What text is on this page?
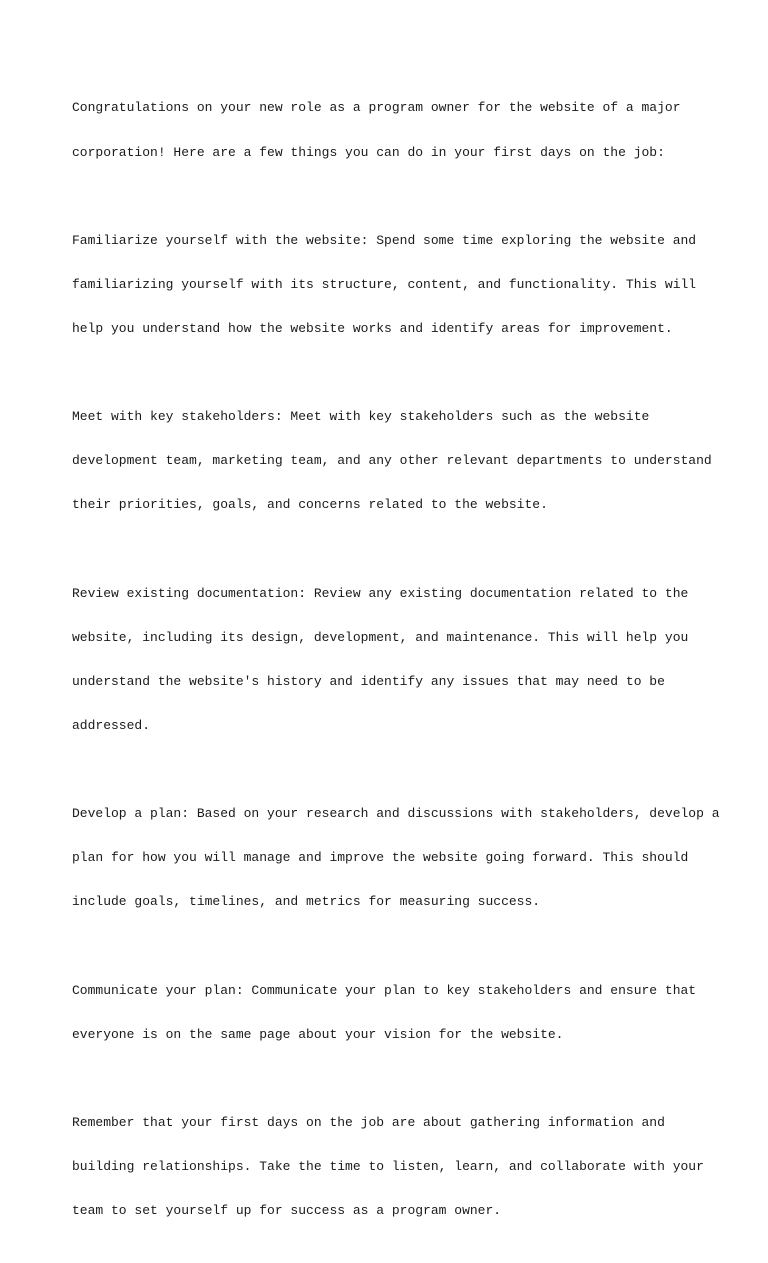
Congratulations on your new role as a program owner for the website of a major

corporation! Here are a few things you can do in your first days on the job:

Familiarize yourself with the website: Spend some time exploring the website and

familiarizing yourself with its structure, content, and functionality. This will

help you understand how the website works and identify areas for improvement.

Meet with key stakeholders: Meet with key stakeholders such as the website

development team, marketing team, and any other relevant departments to understand

their priorities, goals, and concerns related to the website.

Review existing documentation: Review any existing documentation related to the

website, including its design, development, and maintenance. This will help you

understand the website's history and identify any issues that may need to be

addressed.

Develop a plan: Based on your research and discussions with stakeholders, develop a

plan for how you will manage and improve the website going forward. This should

include goals, timelines, and metrics for measuring success.

Communicate your plan: Communicate your plan to key stakeholders and ensure that

everyone is on the same page about your vision for the website.

Remember that your first days on the job are about gathering information and

building relationships. Take the time to listen, learn, and collaborate with your

team to set yourself up for success as a program owner.
